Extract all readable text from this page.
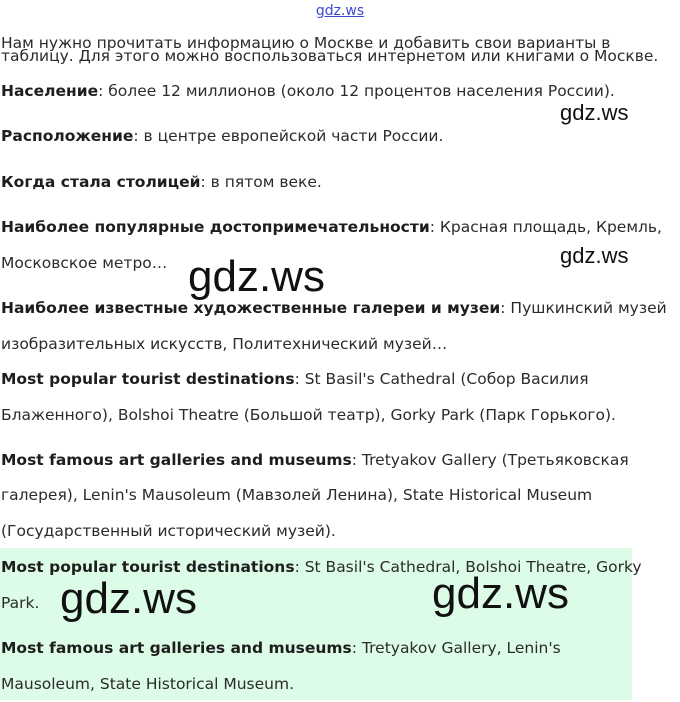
gdz.ws

Нам нужно прочитать информацию о Москве и добавить свои варианты в

таблицу. Для этого можно воспользоваться интернетом или книгами о Москве.

Население: более 12 миллионов (около 12 процентов населения России).

Расположение: в центре европейской части России.

Когда стала столицей: в пятом веке.

Наиболее популярные достопримечательности: Красная площадь, Кремль,

Московское метро…

Наиболее известные художественные галереи и музеи: Пушкинский музей

изобразительных искусств, Политехнический музей…

Most popular tourist destinations: St Basil's Cathedral (Собор Василия

Блаженного), Bolshoi Theatre (Большой театр), Gorky Park (Парк Горького).

Most famous art galleries and museums: Tretyakov Gallery (Третьяковская

галерея), Lenin's Mausoleum (Мавзолей Ленина), State Historical Museum

(Государственный исторический музей).

Most popular tourist destinations: St Basil's Cathedral, Bolshoi Theatre, Gorky

Park.

Most famous art galleries and museums: Tretyakov Gallery, Lenin's

Mausoleum, State Historical Museum.

gdz.ws
gdz.ws
gdz.ws
gdz.ws
gdz.ws
